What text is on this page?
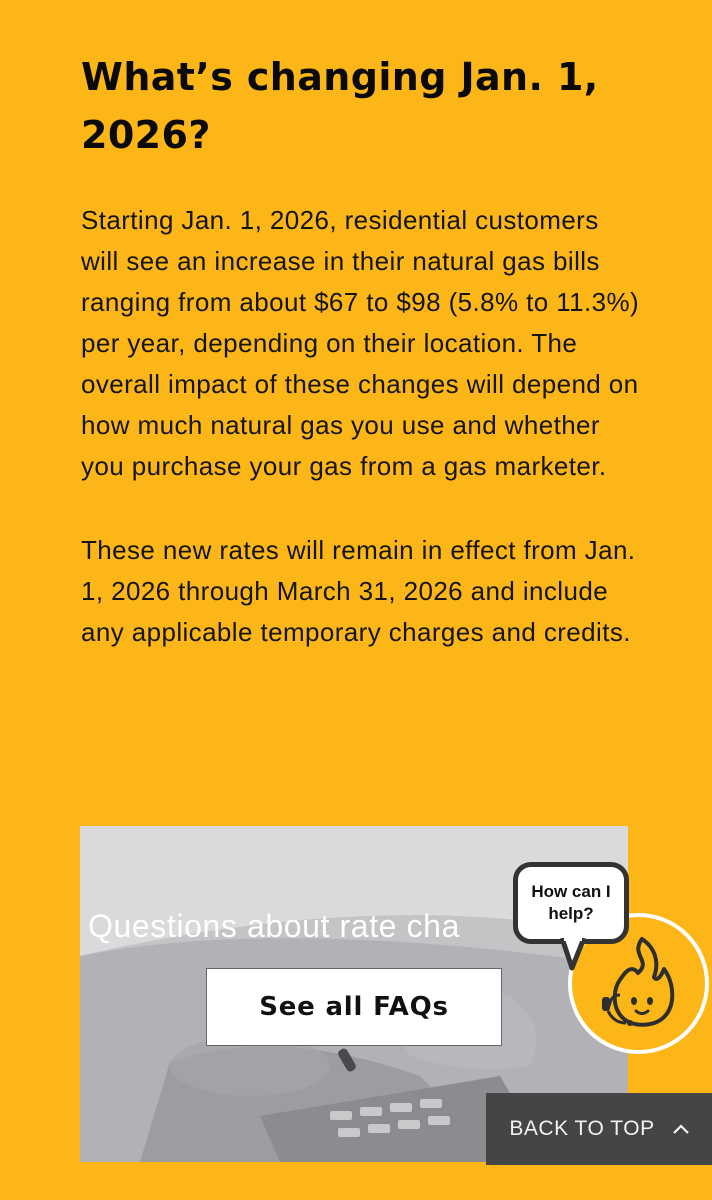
What’s changing Jan. 1, 2026?

Starting Jan. 1, 2026, residential customers will see an increase in their natural gas bills ranging from about $67 to $98 (5.8% to 11.3%) per year, depending on their location. The overall impact of these changes will depend on how much natural gas you use and whether you purchase your gas from a gas marketer.

These new rates will remain in effect from Jan. 1, 2026 through March 31, 2026 and include any applicable temporary charges and credits.

Questions about rate cha
See all FAQs
How can I
help?
BACK TO TOP
